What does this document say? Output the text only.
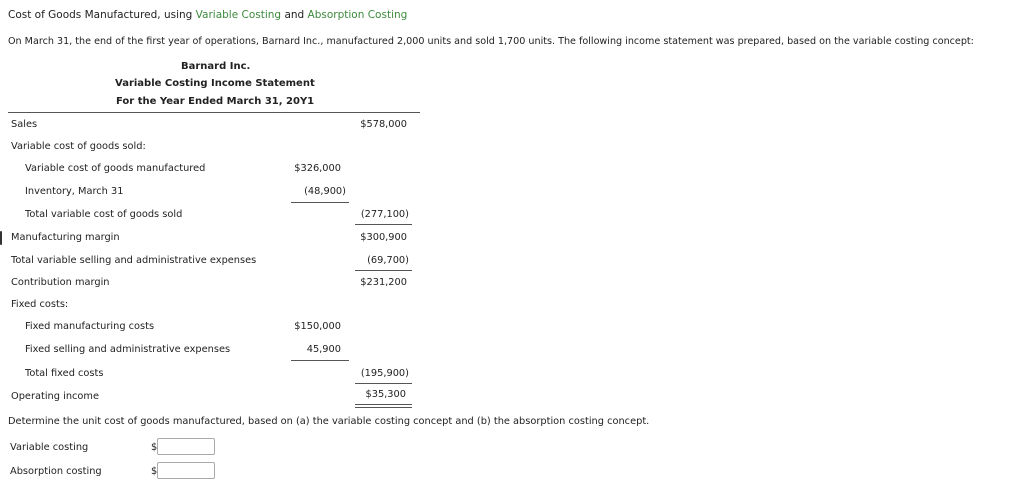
Cost of Goods Manufactured, using Variable Costing and Absorption Costing
On March 31, the end of the first year of operations, Barnard Inc., manufactured 2,000 units and sold 1,700 units. The following income statement was prepared, based on the variable costing concept:
Barnard Inc.
Variable Costing Income Statement
For the Year Ended March 31, 20Y1
Sales	$578,000
Variable cost of goods sold:
Variable cost of goods manufactured	$326,000
Inventory, March 31	(48,900)
Total variable cost of goods sold	(277,100)
Manufacturing margin	$300,900
Total variable selling and administrative expenses	(69,700)
Contribution margin	$231,200
Fixed costs:
Fixed manufacturing costs	$150,000
Fixed selling and administrative expenses	45,900
Total fixed costs	(195,900)
Operating income	$35,300
Determine the unit cost of goods manufactured, based on (a) the variable costing concept and (b) the absorption costing concept.
Variable costing	$
Absorption costing	$
